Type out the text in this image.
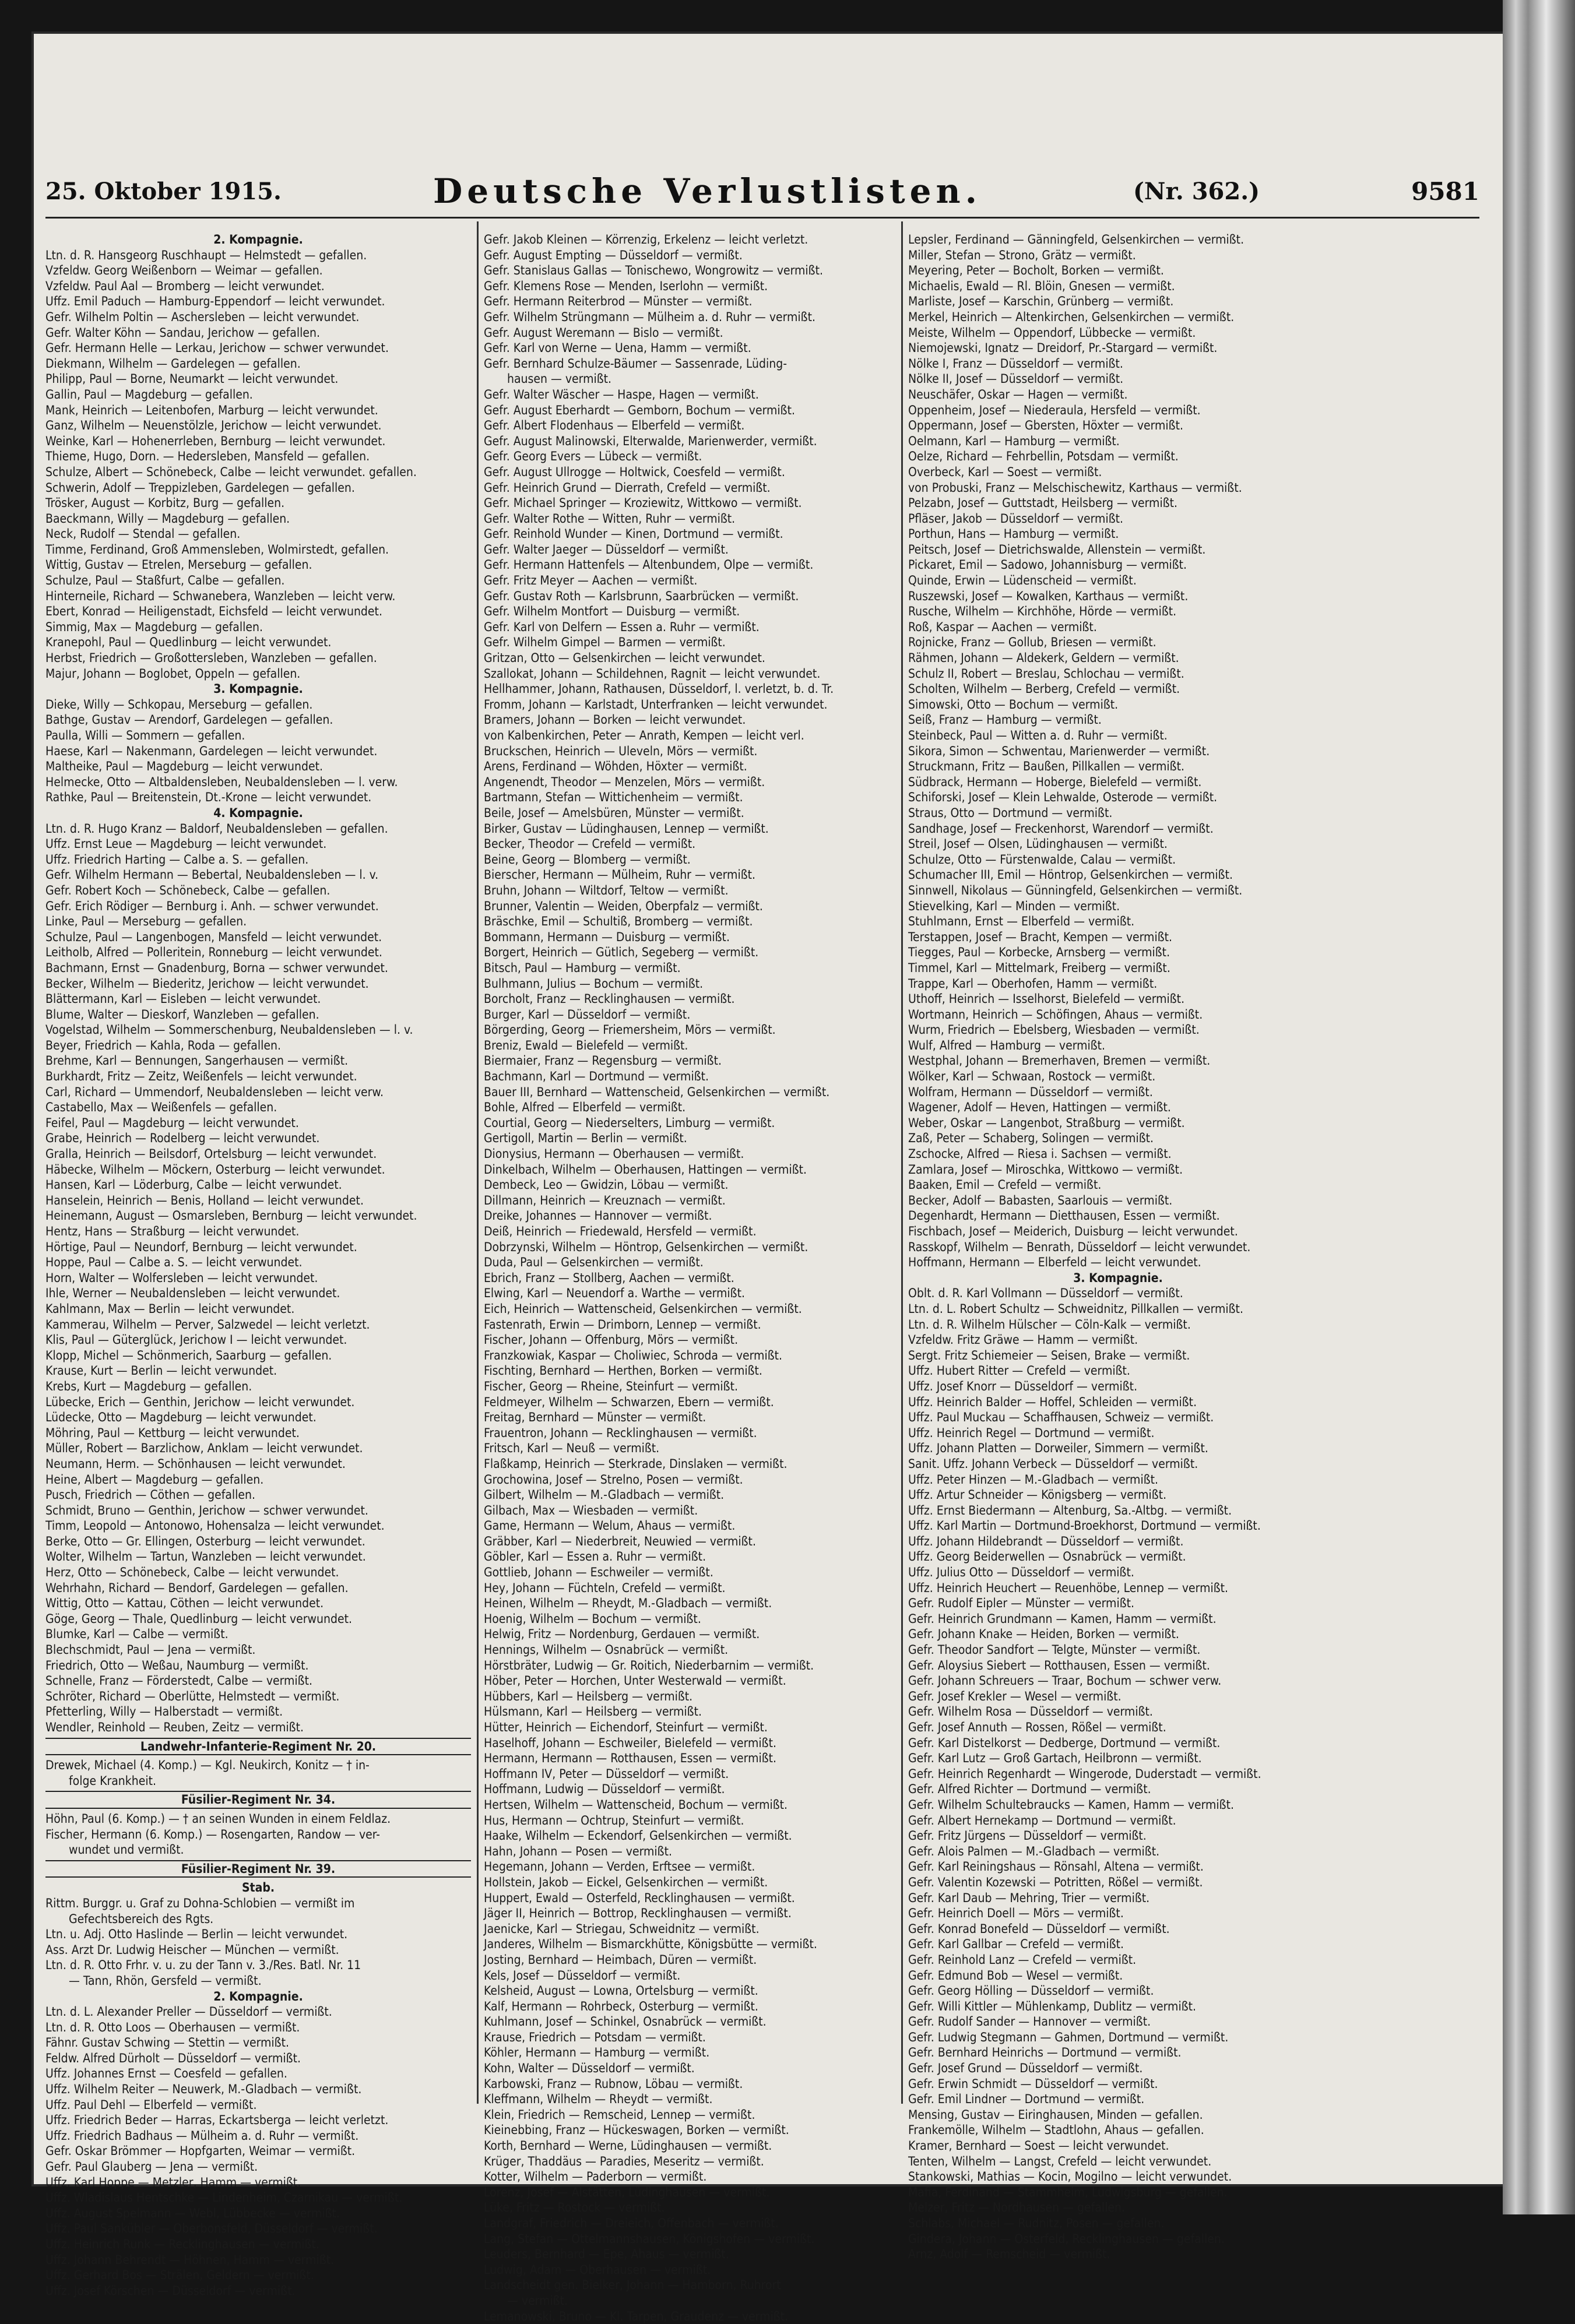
25. Oktober 1915.	Deutsche Verlustlisten.	(Nr. 362.)	9581
2. Kompagnie.
Ltn. d. R. Hansgeorg Ruschhaupt — Helmstedt — gefallen.
Vzfeldw. Georg Weißenborn — Weimar — gefallen.
Vzfeldw. Paul Aal — Bromberg — leicht verwundet.
Uffz. Emil Paduch — Hamburg-Eppendorf — leicht verwundet.
Gefr. Wilhelm Poltin — Aschersleben — leicht verwundet.
Gefr. Walter Köhn — Sandau, Jerichow — gefallen.
Gefr. Hermann Helle — Lerkau, Jerichow — schwer verwundet.
Diekmann, Wilhelm — Gardelegen — gefallen.
Philipp, Paul — Borne, Neumarkt — leicht verwundet.
Gallin, Paul — Magdeburg — gefallen.
Mank, Heinrich — Leitenbofen, Marburg — leicht verwundet.
Ganz, Wilhelm — Neuenstölzle, Jerichow — leicht verwundet.
Weinke, Karl — Hohenerrleben, Bernburg — leicht verwundet.
Thieme, Hugo, Dorn. — Hedersleben, Mansfeld — gefallen.
Schulze, Albert — Schönebeck, Calbe — leicht verwundet. gefallen.
Schwerin, Adolf — Treppizleben, Gardelegen — gefallen.
Trösker, August — Korbitz, Burg — gefallen.
Baeckmann, Willy — Magdeburg — gefallen.
Neck, Rudolf — Stendal — gefallen.
Timme, Ferdinand, Groß Ammensleben, Wolmirstedt, gefallen.
Wittig, Gustav — Etrelen, Merseburg — gefallen.
Schulze, Paul — Staßfurt, Calbe — gefallen.
Hinterneile, Richard — Schwanebera, Wanzleben — leicht verw.
Ebert, Konrad — Heiligenstadt, Eichsfeld — leicht verwundet.
Simmig, Max — Magdeburg — gefallen.
Kranepohl, Paul — Quedlinburg — leicht verwundet.
Herbst, Friedrich — Großottersleben, Wanzleben — gefallen.
Majur, Johann — Boglobet, Oppeln — gefallen.
3. Kompagnie.
Dieke, Willy — Schkopau, Merseburg — gefallen.
Bathge, Gustav — Arendorf, Gardelegen — gefallen.
Paulla, Willi — Sommern — gefallen.
Haese, Karl — Nakenmann, Gardelegen — leicht verwundet.
Maltheike, Paul — Magdeburg — leicht verwundet.
Helmecke, Otto — Altbaldensleben, Neubaldensleben — l. verw.
Rathke, Paul — Breitenstein, Dt.-Krone — leicht verwundet.
4. Kompagnie.
Ltn. d. R. Hugo Kranz — Baldorf, Neubaldensleben — gefallen.
Uffz. Ernst Leue — Magdeburg — leicht verwundet.
Uffz. Friedrich Harting — Calbe a. S. — gefallen.
Gefr. Wilhelm Hermann — Bebertal, Neubaldensleben — l. v.
Gefr. Robert Koch — Schönebeck, Calbe — gefallen.
Gefr. Erich Rödiger — Bernburg i. Anh. — schwer verwundet.
Linke, Paul — Merseburg — gefallen.
Schulze, Paul — Langenbogen, Mansfeld — leicht verwundet.
Leitholb, Alfred — Polleritein, Ronneburg — leicht verwundet.
Bachmann, Ernst — Gnadenburg, Borna — schwer verwundet.
Becker, Wilhelm — Biederitz, Jerichow — leicht verwundet.
Blättermann, Karl — Eisleben — leicht verwundet.
Blume, Walter — Dieskorf, Wanzleben — gefallen.
Vogelstad, Wilhelm — Sommerschenburg, Neubaldensleben — l. v.
Beyer, Friedrich — Kahla, Roda — gefallen.
Brehme, Karl — Bennungen, Sangerhausen — vermißt.
Burkhardt, Fritz — Zeitz, Weißenfels — leicht verwundet.
Carl, Richard — Ummendorf, Neubaldensleben — leicht verw.
Castabello, Max — Weißenfels — gefallen.
Feifel, Paul — Magdeburg — leicht verwundet.
Grabe, Heinrich — Rodelberg — leicht verwundet.
Gralla, Heinrich — Beilsdorf, Ortelsburg — leicht verwundet.
Häbecke, Wilhelm — Möckern, Osterburg — leicht verwundet.
Hansen, Karl — Löderburg, Calbe — leicht verwundet.
Hanselein, Heinrich — Benis, Holland — leicht verwundet.
Heinemann, August — Osmarsleben, Bernburg — leicht verwundet.
Hentz, Hans — Straßburg — leicht verwundet.
Hörtige, Paul — Neundorf, Bernburg — leicht verwundet.
Hoppe, Paul — Calbe a. S. — leicht verwundet.
Horn, Walter — Wolfersleben — leicht verwundet.
Ihle, Werner — Neubaldensleben — leicht verwundet.
Kahlmann, Max — Berlin — leicht verwundet.
Kammerau, Wilhelm — Perver, Salzwedel — leicht verletzt.
Klis, Paul — Güterglück, Jerichow I — leicht verwundet.
Klopp, Michel — Schönmerich, Saarburg — gefallen.
Krause, Kurt — Berlin — leicht verwundet.
Krebs, Kurt — Magdeburg — gefallen.
Lübecke, Erich — Genthin, Jerichow — leicht verwundet.
Lüdecke, Otto — Magdeburg — leicht verwundet.
Möhring, Paul — Kettburg — leicht verwundet.
Müller, Robert — Barzlichow, Anklam — leicht verwundet.
Neumann, Herm. — Schönhausen — leicht verwundet.
Heine, Albert — Magdeburg — gefallen.
Pusch, Friedrich — Cöthen — gefallen.
Schmidt, Bruno — Genthin, Jerichow — schwer verwundet.
Timm, Leopold — Antonowo, Hohensalza — leicht verwundet.
Berke, Otto — Gr. Ellingen, Osterburg — leicht verwundet.
Wolter, Wilhelm — Tartun, Wanzleben — leicht verwundet.
Herz, Otto — Schönebeck, Calbe — leicht verwundet.
Wehrhahn, Richard — Bendorf, Gardelegen — gefallen.
Wittig, Otto — Kattau, Cöthen — leicht verwundet.
Göge, Georg — Thale, Quedlinburg — leicht verwundet.
Blumke, Karl — Calbe — vermißt.
Blechschmidt, Paul — Jena — vermißt.
Friedrich, Otto — Weßau, Naumburg — vermißt.
Schnelle, Franz — Förderstedt, Calbe — vermißt.
Schröter, Richard — Oberlütte, Helmstedt — vermißt.
Pfetterling, Willy — Halberstadt — vermißt.
Wendler, Reinhold — Reuben, Zeitz — vermißt.
Landwehr-Infanterie-Regiment Nr. 20.
Drewek, Michael (4. Komp.) — Kgl. Neukirch, Konitz — † in-
folge Krankheit.
Füsilier-Regiment Nr. 34.
Höhn, Paul (6. Komp.) — † an seinen Wunden in einem Feldlaz.
Fischer, Hermann (6. Komp.) — Rosengarten, Randow — ver-
wundet und vermißt.
Füsilier-Regiment Nr. 39.
Stab.
Rittm. Burggr. u. Graf zu Dohna-Schlobien — vermißt im
Gefechtsbereich des Rgts.
Ltn. u. Adj. Otto Haslinde — Berlin — leicht verwundet.
Ass. Arzt Dr. Ludwig Heischer — München — vermißt.
Ltn. d. R. Otto Frhr. v. u. zu der Tann v. 3./Res. Batl. Nr. 11
— Tann, Rhön, Gersfeld — vermißt.
2. Kompagnie.
Ltn. d. L. Alexander Preller — Düsseldorf — vermißt.
Ltn. d. R. Otto Loos — Oberhausen — vermißt.
Fähnr. Gustav Schwing — Stettin — vermißt.
Feldw. Alfred Dürholt — Düsseldorf — vermißt.
Uffz. Johannes Ernst — Coesfeld — gefallen.
Uffz. Wilhelm Reiter — Neuwerk, M.-Gladbach — vermißt.
Uffz. Paul Dehl — Elberfeld — vermißt.
Uffz. Friedrich Beder — Harras, Eckartsberga — leicht verletzt.
Uffz. Friedrich Badhaus — Mülheim a. d. Ruhr — vermißt.
Gefr. Oskar Brömmer — Hopfgarten, Weimar — vermißt.
Gefr. Paul Glauberg — Jena — vermißt.
Uffz. Karl Hoppe — Metzler, Hamm — vermißt.
Uffz. Wladislaus Hentschke — Lindenheim, Czarnikau — vermißt.
Uffz. August Spelmann — Webl, Lübbecke — vermißt.
Uffz. Paul Sankübler — Oberbonsfeld, Düsseldorf — vermißt.
Uffz. Heinrich Runk — Recklinghausen — vermißt.
Uffz. Johann Behrendt — Höhnen, Hamm — vermißt.
Uffz. Gerhard Bos — Strälen, Geldern — vermißt.
Uffz. Josef Körschen — Düsseldorf — vermißt.
Gefr. Jakob Kleinen — Körrenzig, Erkelenz — leicht verletzt.
Gefr. August Empting — Düsseldorf — vermißt.
Gefr. Stanislaus Gallas — Tonischewo, Wongrowitz — vermißt.
Gefr. Klemens Rose — Menden, Iserlohn — vermißt.
Gefr. Hermann Reiterbrod — Münster — vermißt.
Gefr. Wilhelm Strüngmann — Mülheim a. d. Ruhr — vermißt.
Gefr. August Weremann — Bislo — vermißt.
Gefr. Karl von Werne — Uena, Hamm — vermißt.
Gefr. Bernhard Schulze-Bäumer — Sassenrade, Lüding-
hausen — vermißt.
Gefr. Walter Wäscher — Haspe, Hagen — vermißt.
Gefr. August Eberhardt — Gemborn, Bochum — vermißt.
Gefr. Albert Flodenhaus — Elberfeld — vermißt.
Gefr. August Malinowski, Elterwalde, Marienwerder, vermißt.
Gefr. Georg Evers — Lübeck — vermißt.
Gefr. August Ullrogge — Holtwick, Coesfeld — vermißt.
Gefr. Heinrich Grund — Dierrath, Crefeld — vermißt.
Gefr. Michael Springer — Kroziewitz, Wittkowo — vermißt.
Gefr. Walter Rothe — Witten, Ruhr — vermißt.
Gefr. Reinhold Wunder — Kinen, Dortmund — vermißt.
Gefr. Walter Jaeger — Düsseldorf — vermißt.
Gefr. Hermann Hattenfels — Altenbundem, Olpe — vermißt.
Gefr. Fritz Meyer — Aachen — vermißt.
Gefr. Gustav Roth — Karlsbrunn, Saarbrücken — vermißt.
Gefr. Wilhelm Montfort — Duisburg — vermißt.
Gefr. Karl von Delfern — Essen a. Ruhr — vermißt.
Gefr. Wilhelm Gimpel — Barmen — vermißt.
Gritzan, Otto — Gelsenkirchen — leicht verwundet.
Szallokat, Johann — Schildehnen, Ragnit — leicht verwundet.
Hellhammer, Johann, Rathausen, Düsseldorf, l. verletzt, b. d. Tr.
Fromm, Johann — Karlstadt, Unterfranken — leicht verwundet.
Bramers, Johann — Borken — leicht verwundet.
von Kalbenkirchen, Peter — Anrath, Kempen — leicht verl.
Bruckschen, Heinrich — Uleveln, Mörs — vermißt.
Arens, Ferdinand — Wöhden, Höxter — vermißt.
Angenendt, Theodor — Menzelen, Mörs — vermißt.
Bartmann, Stefan — Wittichenheim — vermißt.
Beile, Josef — Amelsbüren, Münster — vermißt.
Birker, Gustav — Lüdinghausen, Lennep — vermißt.
Becker, Theodor — Crefeld — vermißt.
Beine, Georg — Blomberg — vermißt.
Bierscher, Hermann — Mülheim, Ruhr — vermißt.
Bruhn, Johann — Wiltdorf, Teltow — vermißt.
Brunner, Valentin — Weiden, Oberpfalz — vermißt.
Bräschke, Emil — Schultiß, Bromberg — vermißt.
Bommann, Hermann — Duisburg — vermißt.
Borgert, Heinrich — Gütlich, Segeberg — vermißt.
Bitsch, Paul — Hamburg — vermißt.
Bulhmann, Julius — Bochum — vermißt.
Borcholt, Franz — Recklinghausen — vermißt.
Burger, Karl — Düsseldorf — vermißt.
Börgerding, Georg — Friemersheim, Mörs — vermißt.
Breniz, Ewald — Bielefeld — vermißt.
Biermaier, Franz — Regensburg — vermißt.
Bachmann, Karl — Dortmund — vermißt.
Bauer III, Bernhard — Wattenscheid, Gelsenkirchen — vermißt.
Bohle, Alfred — Elberfeld — vermißt.
Courtial, Georg — Niederselters, Limburg — vermißt.
Gertigoll, Martin — Berlin — vermißt.
Dionysius, Hermann — Oberhausen — vermißt.
Dinkelbach, Wilhelm — Oberhausen, Hattingen — vermißt.
Dembeck, Leo — Gwidzin, Löbau — vermißt.
Dillmann, Heinrich — Kreuznach — vermißt.
Dreike, Johannes — Hannover — vermißt.
Deiß, Heinrich — Friedewald, Hersfeld — vermißt.
Dobrzynski, Wilhelm — Höntrop, Gelsenkirchen — vermißt.
Duda, Paul — Gelsenkirchen — vermißt.
Ebrich, Franz — Stollberg, Aachen — vermißt.
Elwing, Karl — Neuendorf a. Warthe — vermißt.
Eich, Heinrich — Wattenscheid, Gelsenkirchen — vermißt.
Fastenrath, Erwin — Drimborn, Lennep — vermißt.
Fischer, Johann — Offenburg, Mörs — vermißt.
Franzkowiak, Kaspar — Choliwiec, Schroda — vermißt.
Fischting, Bernhard — Herthen, Borken — vermißt.
Fischer, Georg — Rheine, Steinfurt — vermißt.
Feldmeyer, Wilhelm — Schwarzen, Ebern — vermißt.
Freitag, Bernhard — Münster — vermißt.
Frauentron, Johann — Recklinghausen — vermißt.
Fritsch, Karl — Neuß — vermißt.
Flaßkamp, Heinrich — Sterkrade, Dinslaken — vermißt.
Grochowina, Josef — Strelno, Posen — vermißt.
Gilbert, Wilhelm — M.-Gladbach — vermißt.
Gilbach, Max — Wiesbaden — vermißt.
Game, Hermann — Welum, Ahaus — vermißt.
Gräbber, Karl — Niederbreit, Neuwied — vermißt.
Göbler, Karl — Essen a. Ruhr — vermißt.
Gottlieb, Johann — Eschweiler — vermißt.
Hey, Johann — Füchteln, Crefeld — vermißt.
Heinen, Wilhelm — Rheydt, M.-Gladbach — vermißt.
Hoenig, Wilhelm — Bochum — vermißt.
Helwig, Fritz — Nordenburg, Gerdauen — vermißt.
Hennings, Wilhelm — Osnabrück — vermißt.
Hörstbräter, Ludwig — Gr. Roitich, Niederbarnim — vermißt.
Höber, Peter — Horchen, Unter Westerwald — vermißt.
Hübbers, Karl — Heilsberg — vermißt.
Hülsmann, Karl — Heilsberg — vermißt.
Hütter, Heinrich — Eichendorf, Steinfurt — vermißt.
Haselhoff, Johann — Eschweiler, Bielefeld — vermißt.
Hermann, Hermann — Rotthausen, Essen — vermißt.
Hoffmann IV, Peter — Düsseldorf — vermißt.
Hoffmann, Ludwig — Düsseldorf — vermißt.
Hertsen, Wilhelm — Wattenscheid, Bochum — vermißt.
Hus, Hermann — Ochtrup, Steinfurt — vermißt.
Haake, Wilhelm — Eckendorf, Gelsenkirchen — vermißt.
Hahn, Johann — Posen — vermißt.
Hegemann, Johann — Verden, Erftsee — vermißt.
Hollstein, Jakob — Eickel, Gelsenkirchen — vermißt.
Huppert, Ewald — Osterfeld, Recklinghausen — vermißt.
Jäger II, Heinrich — Bottrop, Recklinghausen — vermißt.
Jaenicke, Karl — Striegau, Schweidnitz — vermißt.
Janderes, Wilhelm — Bismarckhütte, Königsbütte — vermißt.
Josting, Bernhard — Heimbach, Düren — vermißt.
Kels, Josef — Düsseldorf — vermißt.
Kelsheid, August — Lowna, Ortelsburg — vermißt.
Kalf, Hermann — Rohrbeck, Osterburg — vermißt.
Kuhlmann, Josef — Schinkel, Osnabrück — vermißt.
Krause, Friedrich — Potsdam — vermißt.
Köhler, Hermann — Hamburg — vermißt.
Kohn, Walter — Düsseldorf — vermißt.
Karbowski, Franz — Rubnow, Löbau — vermißt.
Kleffmann, Wilhelm — Rheydt — vermißt.
Klein, Friedrich — Remscheid, Lennep — vermißt.
Kieinebbing, Franz — Hückeswagen, Borken — vermißt.
Korth, Bernhard — Werne, Lüdinghausen — vermißt.
Krüger, Thaddäus — Paradies, Meseritz — vermißt.
Kotter, Wilhelm — Paderborn — vermißt.
Lorenz, Josef — Alstätten, Lüdinghausen — vermißt.
Lüke, Fritz — Rostock — vermißt.
Landgraf, Friedrich — Dreieich, Offenbach — vermißt.
Lang, Stefan — Ottelmannshausen, Königshofen — vermißt.
Leuders, Bernhard — Epe, Ahaus — vermißt.
Ludwig, Adam — Oberhausen — vermißt.
Landscheidt gen. Bielker, Johann — Hamborn, Ruhrort
— vermißt.
Lemanowski, Bruno — Kl. Tarpen, Graudenz — vermißt.
Lepsler, Ferdinand — Gänningfeld, Gelsenkirchen — vermißt.
Miller, Stefan — Strono, Grätz — vermißt.
Meyering, Peter — Bocholt, Borken — vermißt.
Michaelis, Ewald — Rl. Blöin, Gnesen — vermißt.
Marliste, Josef — Karschin, Grünberg — vermißt.
Merkel, Heinrich — Altenkirchen, Gelsenkirchen — vermißt.
Meiste, Wilhelm — Oppendorf, Lübbecke — vermißt.
Niemojewski, Ignatz — Dreidorf, Pr.-Stargard — vermißt.
Nölke I, Franz — Düsseldorf — vermißt.
Nölke II, Josef — Düsseldorf — vermißt.
Neuschäfer, Oskar — Hagen — vermißt.
Oppenheim, Josef — Niederaula, Hersfeld — vermißt.
Oppermann, Josef — Gbersten, Höxter — vermißt.
Oelmann, Karl — Hamburg — vermißt.
Oelze, Richard — Fehrbellin, Potsdam — vermißt.
Overbeck, Karl — Soest — vermißt.
von Probuski, Franz — Melschischewitz, Karthaus — vermißt.
Pelzabn, Josef — Guttstadt, Heilsberg — vermißt.
Pfläser, Jakob — Düsseldorf — vermißt.
Porthun, Hans — Hamburg — vermißt.
Peitsch, Josef — Dietrichswalde, Allenstein — vermißt.
Pickaret, Emil — Sadowo, Johannisburg — vermißt.
Quinde, Erwin — Lüdenscheid — vermißt.
Ruszewski, Josef — Kowalken, Karthaus — vermißt.
Rusche, Wilhelm — Kirchhöhe, Hörde — vermißt.
Roß, Kaspar — Aachen — vermißt.
Rojnicke, Franz — Gollub, Briesen — vermißt.
Rähmen, Johann — Aldekerk, Geldern — vermißt.
Schulz II, Robert — Breslau, Schlochau — vermißt.
Scholten, Wilhelm — Berberg, Crefeld — vermißt.
Simowski, Otto — Bochum — vermißt.
Seiß, Franz — Hamburg — vermißt.
Steinbeck, Paul — Witten a. d. Ruhr — vermißt.
Sikora, Simon — Schwentau, Marienwerder — vermißt.
Struckmann, Fritz — Baußen, Pillkallen — vermißt.
Südbrack, Hermann — Hoberge, Bielefeld — vermißt.
Schiforski, Josef — Klein Lehwalde, Osterode — vermißt.
Straus, Otto — Dortmund — vermißt.
Sandhage, Josef — Freckenhorst, Warendorf — vermißt.
Streil, Josef — Olsen, Lüdinghausen — vermißt.
Schulze, Otto — Fürstenwalde, Calau — vermißt.
Schumacher III, Emil — Höntrop, Gelsenkirchen — vermißt.
Sinnwell, Nikolaus — Günningfeld, Gelsenkirchen — vermißt.
Stievelking, Karl — Minden — vermißt.
Stuhlmann, Ernst — Elberfeld — vermißt.
Terstappen, Josef — Bracht, Kempen — vermißt.
Tiegges, Paul — Korbecke, Arnsberg — vermißt.
Timmel, Karl — Mittelmark, Freiberg — vermißt.
Trappe, Karl — Oberhofen, Hamm — vermißt.
Uthoff, Heinrich — Isselhorst, Bielefeld — vermißt.
Wortmann, Heinrich — Schöfingen, Ahaus — vermißt.
Wurm, Friedrich — Ebelsberg, Wiesbaden — vermißt.
Wulf, Alfred — Hamburg — vermißt.
Westphal, Johann — Bremerhaven, Bremen — vermißt.
Wölker, Karl — Schwaan, Rostock — vermißt.
Wolfram, Hermann — Düsseldorf — vermißt.
Wagener, Adolf — Heven, Hattingen — vermißt.
Weber, Oskar — Langenbot, Straßburg — vermißt.
Zaß, Peter — Schaberg, Solingen — vermißt.
Zschocke, Alfred — Riesa i. Sachsen — vermißt.
Zamlara, Josef — Miroschka, Wittkowo — vermißt.
Baaken, Emil — Crefeld — vermißt.
Becker, Adolf — Babasten, Saarlouis — vermißt.
Degenhardt, Hermann — Dietthausen, Essen — vermißt.
Fischbach, Josef — Meiderich, Duisburg — leicht verwundet.
Rasskopf, Wilhelm — Benrath, Düsseldorf — leicht verwundet.
Hoffmann, Hermann — Elberfeld — leicht verwundet.
3. Kompagnie.
Oblt. d. R. Karl Vollmann — Düsseldorf — vermißt.
Ltn. d. L. Robert Schultz — Schweidnitz, Pillkallen — vermißt.
Ltn. d. R. Wilhelm Hülscher — Cöln-Kalk — vermißt.
Vzfeldw. Fritz Gräwe — Hamm — vermißt.
Sergt. Fritz Schiemeier — Seisen, Brake — vermißt.
Uffz. Hubert Ritter — Crefeld — vermißt.
Uffz. Josef Knorr — Düsseldorf — vermißt.
Uffz. Heinrich Balder — Hoffel, Schleiden — vermißt.
Uffz. Paul Muckau — Schaffhausen, Schweiz — vermißt.
Uffz. Heinrich Regel — Dortmund — vermißt.
Uffz. Johann Platten — Dorweiler, Simmern — vermißt.
Sanit. Uffz. Johann Verbeck — Düsseldorf — vermißt.
Uffz. Peter Hinzen — M.-Gladbach — vermißt.
Uffz. Artur Schneider — Königsberg — vermißt.
Uffz. Ernst Biedermann — Altenburg, Sa.-Altbg. — vermißt.
Uffz. Karl Martin — Dortmund-Broekhorst, Dortmund — vermißt.
Uffz. Johann Hildebrandt — Düsseldorf — vermißt.
Uffz. Georg Beiderwellen — Osnabrück — vermißt.
Uffz. Julius Otto — Düsseldorf — vermißt.
Uffz. Heinrich Heuchert — Reuenhöbe, Lennep — vermißt.
Gefr. Rudolf Eipler — Münster — vermißt.
Gefr. Heinrich Grundmann — Kamen, Hamm — vermißt.
Gefr. Johann Knake — Heiden, Borken — vermißt.
Gefr. Theodor Sandfort — Telgte, Münster — vermißt.
Gefr. Aloysius Siebert — Rotthausen, Essen — vermißt.
Gefr. Johann Schreuers — Traar, Bochum — schwer verw.
Gefr. Josef Krekler — Wesel — vermißt.
Gefr. Wilhelm Rosa — Düsseldorf — vermißt.
Gefr. Josef Annuth — Rossen, Rößel — vermißt.
Gefr. Karl Distelkorst — Dedberge, Dortmund — vermißt.
Gefr. Karl Lutz — Groß Gartach, Heilbronn — vermißt.
Gefr. Heinrich Regenhardt — Wingerode, Duderstadt — vermißt.
Gefr. Alfred Richter — Dortmund — vermißt.
Gefr. Wilhelm Schultebraucks — Kamen, Hamm — vermißt.
Gefr. Albert Hernekamp — Dortmund — vermißt.
Gefr. Fritz Jürgens — Düsseldorf — vermißt.
Gefr. Alois Palmen — M.-Gladbach — vermißt.
Gefr. Karl Reiningshaus — Rönsahl, Altena — vermißt.
Gefr. Valentin Kozewski — Potritten, Rößel — vermißt.
Gefr. Karl Daub — Mehring, Trier — vermißt.
Gefr. Heinrich Doell — Mörs — vermißt.
Gefr. Konrad Bonefeld — Düsseldorf — vermißt.
Gefr. Karl Gallbar — Crefeld — vermißt.
Gefr. Reinhold Lanz — Crefeld — vermißt.
Gefr. Edmund Bob — Wesel — vermißt.
Gefr. Georg Hölling — Düsseldorf — vermißt.
Gefr. Willi Kittler — Mühlenkamp, Dublitz — vermißt.
Gefr. Rudolf Sander — Hannover — vermißt.
Gefr. Ludwig Stegmann — Gahmen, Dortmund — vermißt.
Gefr. Bernhard Heinrichs — Dortmund — vermißt.
Gefr. Josef Grund — Düsseldorf — vermißt.
Gefr. Erwin Schmidt — Düsseldorf — vermißt.
Gefr. Emil Lindner — Dortmund — vermißt.
Mensing, Gustav — Eiringhausen, Minden — gefallen.
Frankemölle, Wilhelm — Stadtlohn, Ahaus — gefallen.
Kramer, Bernhard — Soest — leicht verwundet.
Tenten, Wilhelm — Langst, Crefeld — leicht verwundet.
Stankowski, Mathias — Kocin, Mogilno — leicht verwundet.
Mafia, Ferdinand — Stammheim, Ludwigsburg — gefallen.
Melzer, Fritz — Nordhausen — gefallen.
Schlabs, Michael — Rudnitz, Posen — gefallen.
Gindera, Johann — Osterfeld, Recklinghausen — gefallen.
Arnz, Adolf — Remscheid — vermißt.
